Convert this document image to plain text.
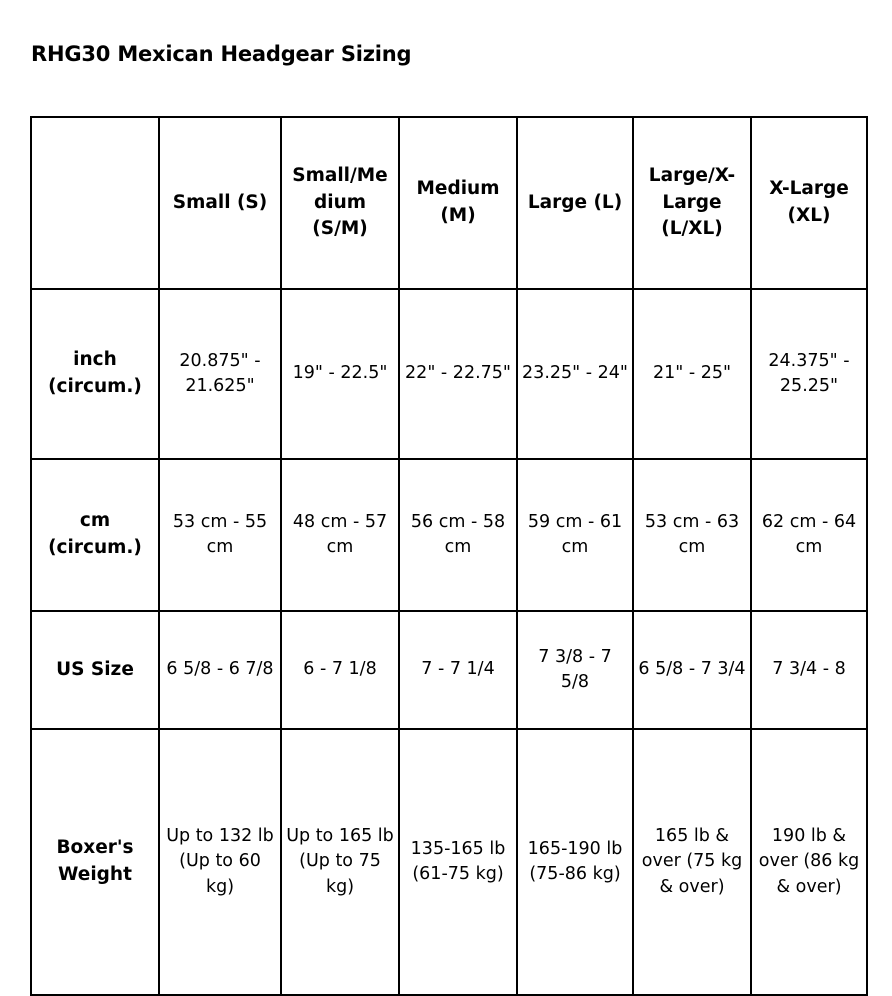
RHG30 Mexican Headgear Sizing

	Small (S)	Small/Medium (S/M)	Medium (M)	Large (L)	Large/X-Large (L/XL)	X-Large (XL)

inch (circum.)	20.875" - 21.625"	19" - 22.5"	22" - 22.75"	23.25" - 24"	21" - 25"	24.375" - 25.25"
cm (circum.)	53 cm - 55 cm	48 cm - 57 cm	56 cm - 58 cm	59 cm - 61 cm	53 cm - 63 cm	62 cm - 64 cm
US Size	6 5/8 - 6 7/8	6 - 7 1/8	7 - 7 1/4	7 3/8 - 7 5/8	6 5/8 - 7 3/4	7 3/4 - 8
Boxer's Weight	Up to 132 lb (Up to 60 kg)	Up to 165 lb (Up to 75 kg)	135-165 lb (61-75 kg)	165-190 lb (75-86 kg)	165 lb & over (75 kg & over)	190 lb & over (86 kg & over)
